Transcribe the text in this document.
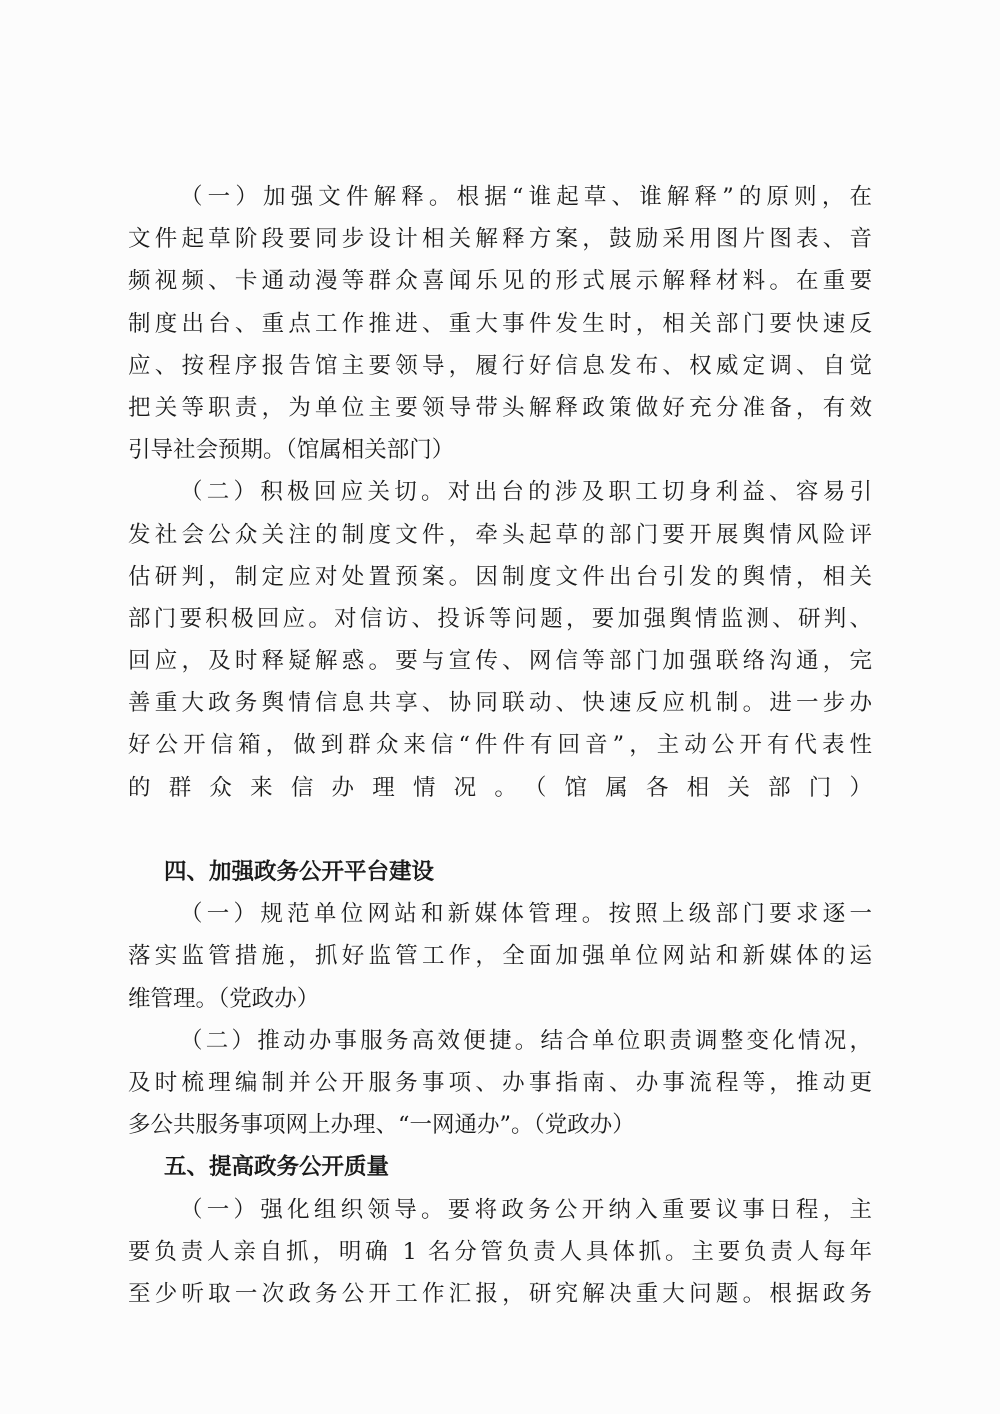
（一）加强文件解释。根据“谁起草、谁解释”的原则，在
文件起草阶段要同步设计相关解释方案，鼓励采用图片图表、音
频视频、卡通动漫等群众喜闻乐见的形式展示解释材料。在重要
制度出台、重点工作推进、重大事件发生时，相关部门要快速反
应、按程序报告馆主要领导，履行好信息发布、权威定调、自觉
把关等职责，为单位主要领导带头解释政策做好充分准备，有效
引导社会预期。（馆属相关部门）
（二）积极回应关切。对出台的涉及职工切身利益、容易引
发社会公众关注的制度文件，牵头起草的部门要开展舆情风险评
估研判，制定应对处置预案。因制度文件出台引发的舆情，相关
部门要积极回应。对信访、投诉等问题，要加强舆情监测、研判、
回应，及时释疑解惑。要与宣传、网信等部门加强联络沟通，完
善重大政务舆情信息共享、协同联动、快速反应机制。进一步办
好公开信箱，做到群众来信“件件有回音”，主动公开有代表性
的群众来信办理情况。（馆属各相关部门）
四、加强政务公开平台建设
（一）规范单位网站和新媒体管理。按照上级部门要求逐一
落实监管措施，抓好监管工作，全面加强单位网站和新媒体的运
维管理。（党政办）
（二）推动办事服务高效便捷。结合单位职责调整变化情况，
及时梳理编制并公开服务事项、办事指南、办事流程等，推动更
多公共服务事项网上办理、“一网通办”。（党政办）
五、提高政务公开质量
（一）强化组织领导。要将政务公开纳入重要议事日程，主
要负责人亲自抓，明确 1 名分管负责人具体抓。主要负责人每年
至少听取一次政务公开工作汇报，研究解决重大问题。根据政务
